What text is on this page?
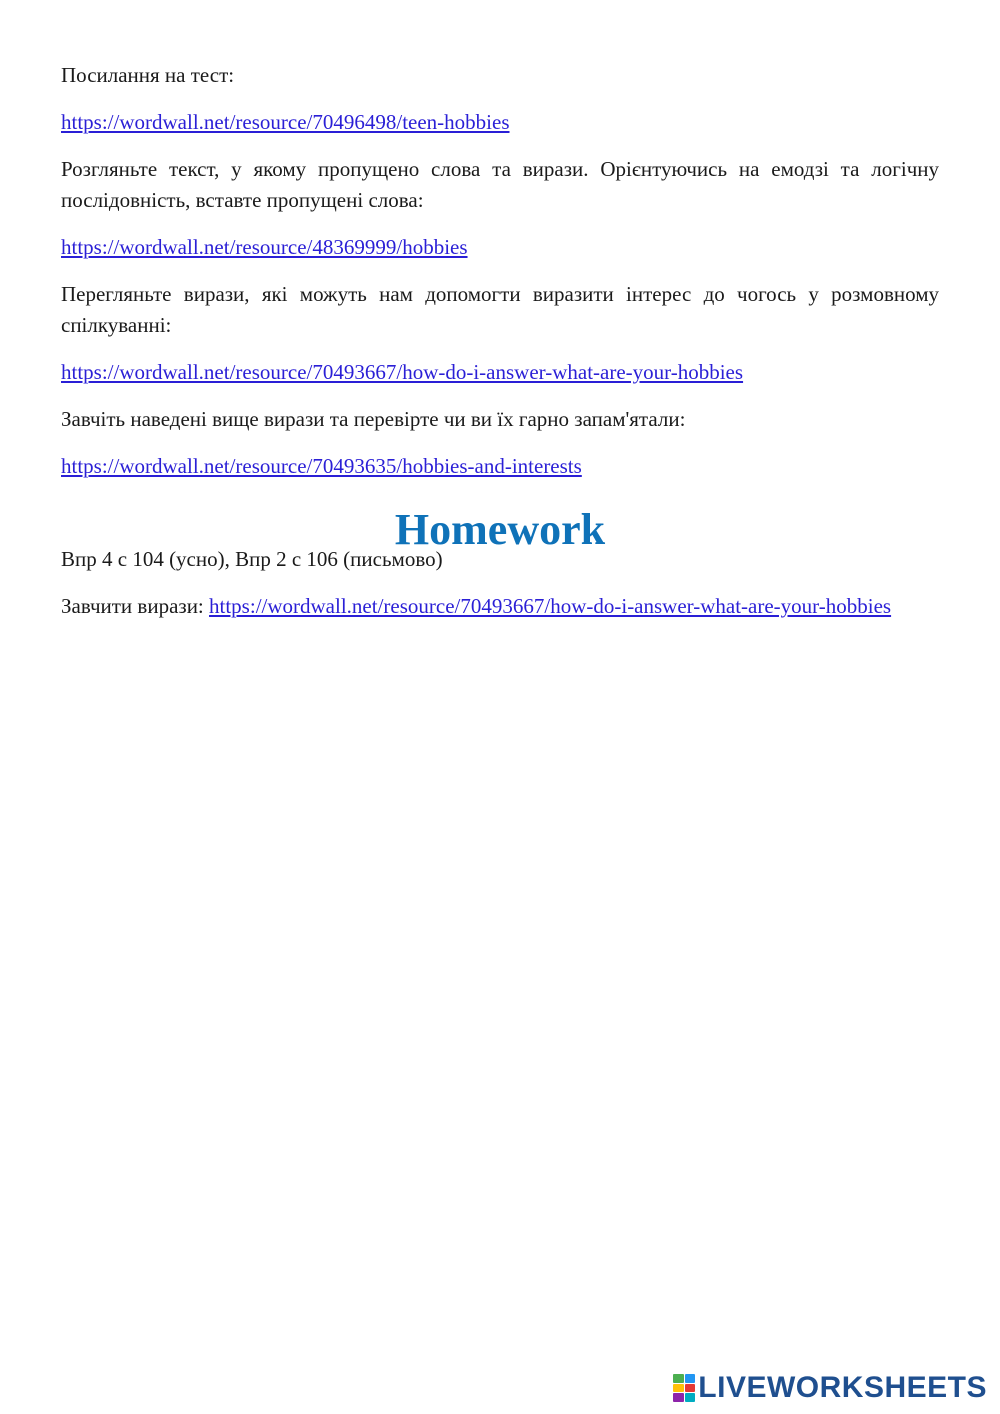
Посилання на тест:

https://wordwall.net/resource/70496498/teen-hobbies

Розгляньте текст, у якому пропущено слова та вирази. Орієнтуючись на емодзі та логічну послідовність, вставте пропущені слова:

https://wordwall.net/resource/48369999/hobbies

Перегляньте вирази, які можуть нам допомогти виразити інтерес до чогось у розмовному спілкуванні:

https://wordwall.net/resource/70493667/how-do-i-answer-what-are-your-hobbies

Завчіть наведені вище вирази та перевірте чи ви їх гарно запам'ятали:

https://wordwall.net/resource/70493635/hobbies-and-interests

Homework

Впр 4 с 104 (усно), Впр 2 с 106 (письмово)

Завчити вирази: https://wordwall.net/resource/70493667/how-do-i-answer-what-are-your-hobbies

LIVEWORKSHEETS
